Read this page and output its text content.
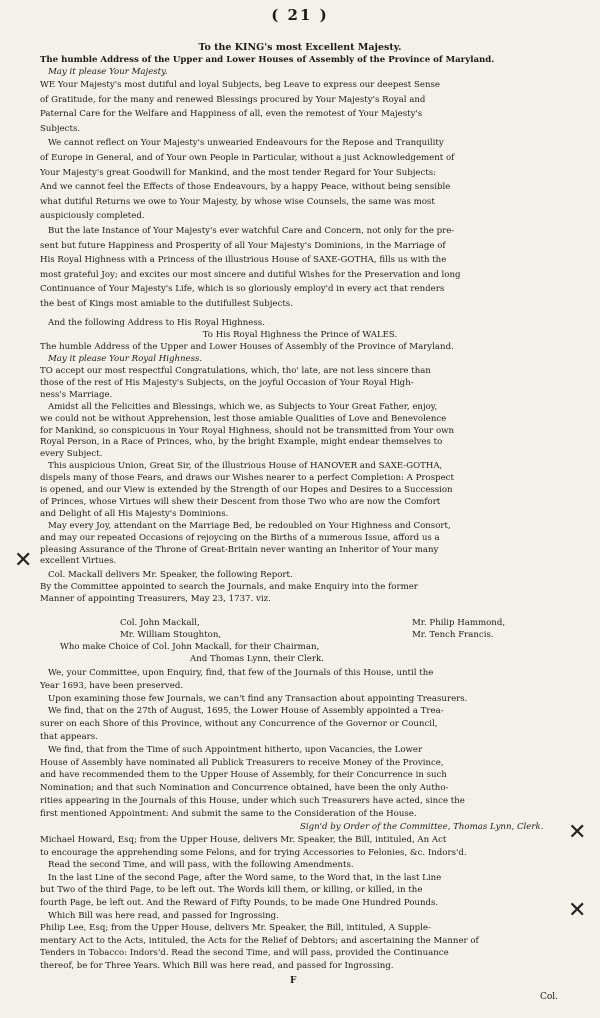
( 21 )
To the KING's most Excellent Majesty.
The humble Address of the Upper and Lower Houses of Assembly of the Province of Maryland.
May it please Your Majesty.
WE Your Majesty's most dutiful and loyal Subjects, beg Leave to express our deepest Sense
of Gratitude, for the many and renewed Blessings procured by Your Majesty's Royal and
Paternal Care for the Welfare and Happiness of all, even the remotest of Your Majesty's
Subjects.
We cannot reflect on Your Majesty's unwearied Endeavours for the Repose and Tranquility
of Europe in General, and of Your own People in Particular, without a just Acknowledgement of
Your Majesty's great Goodwill for Mankind, and the most tender Regard for Your Subjects:
And we cannot feel the Effects of those Endeavours, by a happy Peace, without being sensible
what dutiful Returns we owe to Your Majesty, by whose wise Counsels, the same was most
auspiciously completed.
But the late Instance of Your Majesty's ever watchful Care and Concern, not only for the pre-
sent but future Happiness and Prosperity of all Your Majesty's Dominions, in the Marriage of
His Royal Highness with a Princess of the illustrious House of SAXE-GOTHA, fills us with the
most grateful Joy; and excites our most sincere and dutiful Wishes for the Preservation and long
Continuance of Your Majesty's Life, which is so gloriously employ'd in every act that renders
the best of Kings most amiable to the dutifullest Subjects.
And the following Address to His Royal Highness.
To His Royal Highness the Prince of WALES.
The humble Address of the Upper and Lower Houses of Assembly of the Province of Maryland.
May it please Your Royal Highness.
TO accept our most respectful Congratulations, which, tho' late, are not less sincere than
those of the rest of His Majesty's Subjects, on the joyful Occasion of Your Royal High-
ness's Marriage.
Amidst all the Felicities and Blessings, which we, as Subjects to Your Great Father, enjoy,
we could not be without Apprehension, lest those amiable Qualities of Love and Benevolence
for Mankind, so conspicuous in Your Royal Highness, should not be transmitted from Your own
Royal Person, in a Race of Princes, who, by the bright Example, might endear themselves to
every Subject.
This auspicious Union, Great Sir, of the illustrious House of HANOVER and SAXE-GOTHA,
dispels many of those Fears, and draws our Wishes nearer to a perfect Completion: A Prospect
is opened, and our View is extended by the Strength of our Hopes and Desires to a Succession
of Princes, whose Virtues will shew their Descent from those Two who are now the Comfort
and Delight of all His Majesty's Dominions.
May every Joy, attendant on the Marriage Bed, be redoubled on Your Highness and Consort,
and may our repeated Occasions of rejoycing on the Births of a numerous Issue, afford us a
pleasing Assurance of the Throne of Great-Britain never wanting an Inheritor of Your many
excellent Virtues.
Col. Mackall delivers Mr. Speaker, the following Report.
By the Committee appointed to search the Journals, and make Enquiry into the former
Manner of appointing Treasurers, May 23, 1737. viz.
Col. John Mackall,
Mr. William Stoughton,
Mr. Philip Hammond,
Mr. Tench Francis.
Who make Choice of Col. John Mackall, for their Chairman,
And Thomas Lynn, their Clerk.
We, your Committee, upon Enquiry, find, that few of the Journals of this House, until the
Year 1693, have been preserved.
Upon examining those few Journals, we can't find any Transaction about appointing Treasurers.
We find, that on the 27th of August, 1695, the Lower House of Assembly appointed a Trea-
surer on each Shore of this Province, without any Concurrence of the Governor or Council,
that appears.
We find, that from the Time of such Appointment hitherto, upon Vacancies, the Lower
House of Assembly have nominated all Publick Treasurers to receive Money of the Province,
and have recommended them to the Upper House of Assembly, for their Concurrence in such
Nomination; and that such Nomination and Concurrence obtained, have been the only Autho-
rities appearing in the Journals of this House, under which such Treasurers have acted, since the
first mentioned Appointment: And submit the same to the Consideration of the House.
Sign'd by Order of the Committee, Thomas Lynn, Clerk.
Michael Howard, Esq; from the Upper House, delivers Mr. Speaker, the Bill, intituled, An Act
to encourage the apprehending some Felons, and for trying Accessories to Felonies, &c. Indors'd.
Read the second Time, and will pass, with the following Amendments.
In the last Line of the second Page, after the Word same, to the Word that, in the last Line
but Two of the third Page, to be left out. The Words kill them, or killing, or killed, in the
fourth Page, be left out. And the Reward of Fifty Pounds, to be made One Hundred Pounds.
Which Bill was here read, and passed for Ingrossing.
Philip Lee, Esq; from the Upper House, delivers Mr. Speaker, the Bill, intituled, A Supple-
mentary Act to the Acts, intituled, the Acts for the Relief of Debtors; and ascertaining the Manner of
Tenders in Tobacco: Indors'd. Read the second Time, and will pass, provided the Continuance
thereof, be for Three Years. Which Bill was here read, and passed for Ingrossing.
F
Col.
✕
✕
✕
